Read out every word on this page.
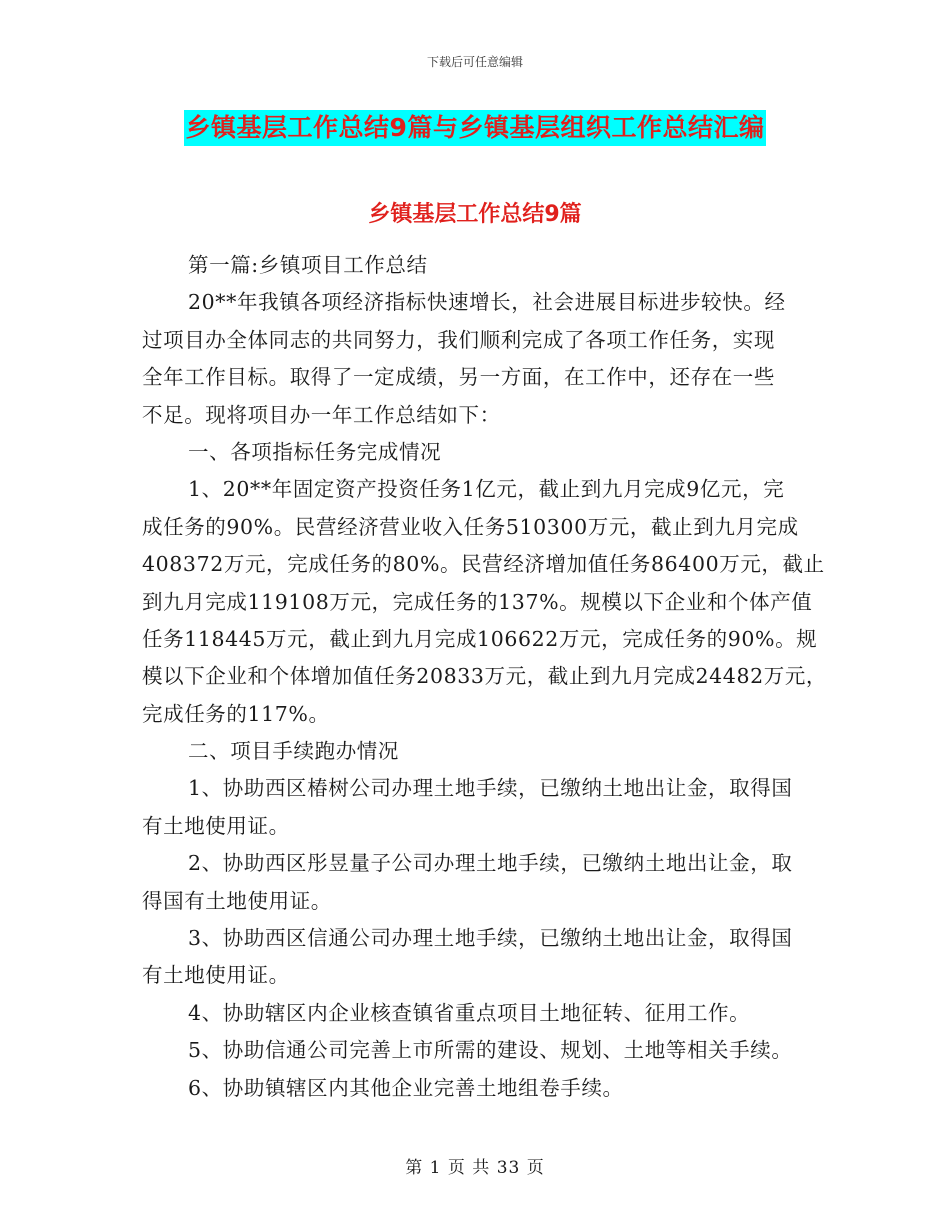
下载后可任意编辑
乡镇基层工作总结9篇与乡镇基层组织工作总结汇编
乡镇基层工作总结9篇
第一篇:乡镇项目工作总结
20**年我镇各项经济指标快速增长，社会进展目标进步较快。经
过项目办全体同志的共同努力，我们顺利完成了各项工作任务，实现
全年工作目标。取得了一定成绩，另一方面，在工作中，还存在一些
不足。现将项目办一年工作总结如下：
一、各项指标任务完成情况
1、20**年固定资产投资任务1亿元，截止到九月完成9亿元，完
成任务的90%。民营经济营业收入任务510300万元，截止到九月完成
408372万元，完成任务的80%。民营经济增加值任务86400万元，截止
到九月完成119108万元，完成任务的137%。规模以下企业和个体产值
任务118445万元，截止到九月完成106622万元，完成任务的90%。规
模以下企业和个体增加值任务20833万元，截止到九月完成24482万元，
完成任务的117%。
二、项目手续跑办情况
1、协助西区椿树公司办理土地手续，已缴纳土地出让金，取得国
有土地使用证。
2、协助西区彤昱量子公司办理土地手续，已缴纳土地出让金，取
得国有土地使用证。
3、协助西区信通公司办理土地手续，已缴纳土地出让金，取得国
有土地使用证。
4、协助辖区内企业核查镇省重点项目土地征转、征用工作。
5、协助信通公司完善上市所需的建设、规划、土地等相关手续。
6、协助镇辖区内其他企业完善土地组卷手续。
第 1 页 共 33 页
